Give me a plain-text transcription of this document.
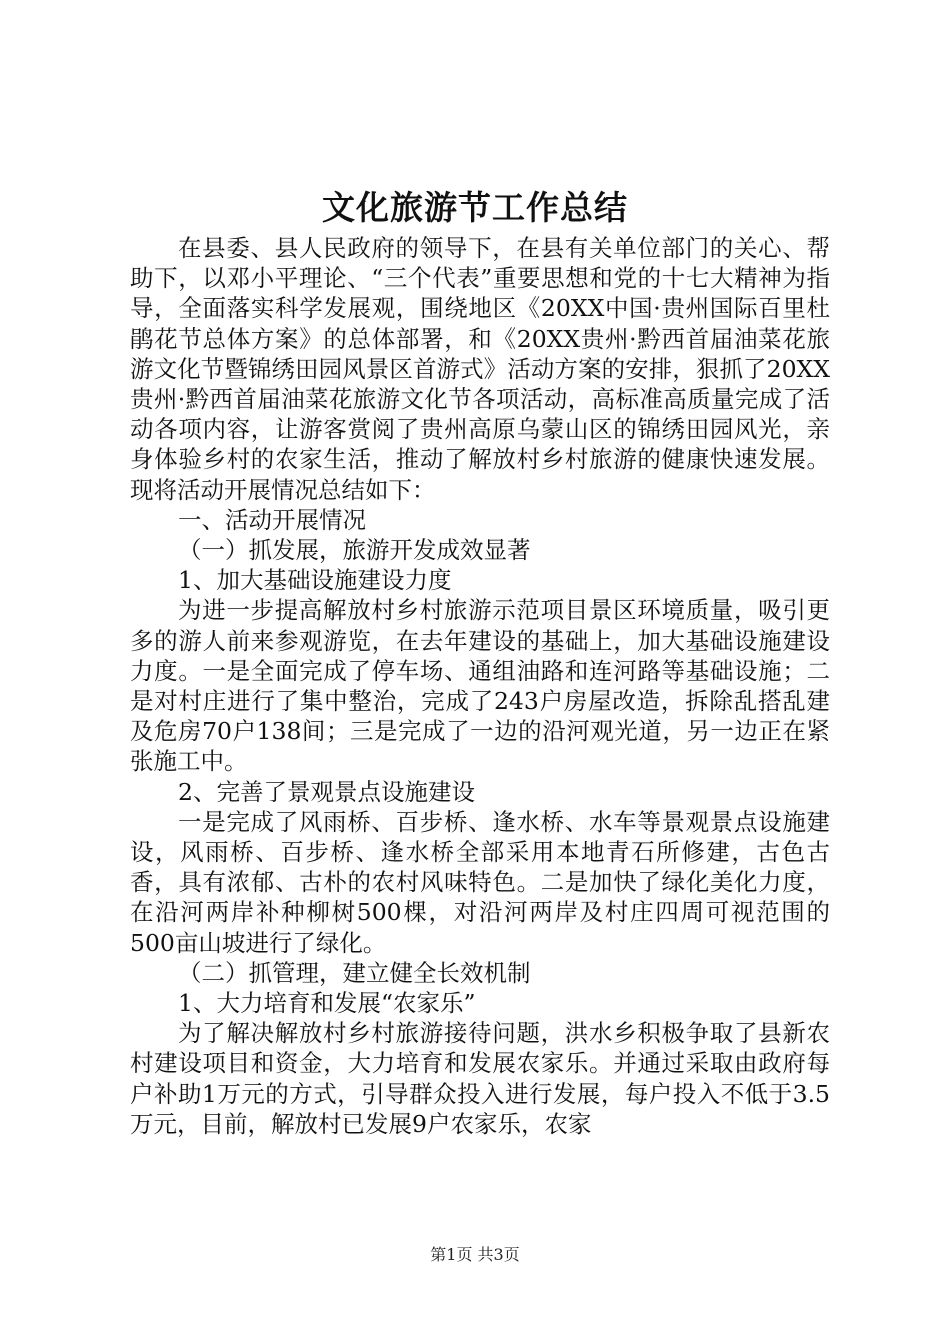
文化旅游节工作总结

在县委、县人民政府的领导下，在县有关单位部门的关心、帮助下，以邓小平理论、“三个代表”重要思想和党的十七大精神为指导，全面落实科学发展观，围绕地区《20XX中国·贵州国际百里杜鹃花节总体方案》的总体部署，和《20XX贵州·黔西首届油菜花旅游文化节暨锦绣田园风景区首游式》活动方案的安排，狠抓了20XX贵州·黔西首届油菜花旅游文化节各项活动，高标准高质量完成了活动各项内容，让游客赏阅了贵州高原乌蒙山区的锦绣田园风光，亲身体验乡村的农家生活，推动了解放村乡村旅游的健康快速发展。现将活动开展情况总结如下：

一、活动开展情况

（一）抓发展，旅游开发成效显著

1、加大基础设施建设力度

为进一步提高解放村乡村旅游示范项目景区环境质量，吸引更多的游人前来参观游览，在去年建设的基础上，加大基础设施建设力度。一是全面完成了停车场、通组油路和连河路等基础设施；二是对村庄进行了集中整治，完成了243户房屋改造，拆除乱搭乱建及危房70户138间；三是完成了一边的沿河观光道，另一边正在紧张施工中。

2、完善了景观景点设施建设

一是完成了风雨桥、百步桥、逢水桥、水车等景观景点设施建设，风雨桥、百步桥、逢水桥全部采用本地青石所修建，古色古香，具有浓郁、古朴的农村风味特色。二是加快了绿化美化力度，在沿河两岸补种柳树500棵，对沿河两岸及村庄四周可视范围的500亩山坡进行了绿化。

（二）抓管理，建立健全长效机制

1、大力培育和发展“农家乐”

为了解决解放村乡村旅游接待问题，洪水乡积极争取了县新农村建设项目和资金，大力培育和发展农家乐。并通过采取由政府每户补助1万元的方式，引导群众投入进行发展，每户投入不低于3.5万元，目前，解放村已发展9户农家乐，农家

第1页 共3页
